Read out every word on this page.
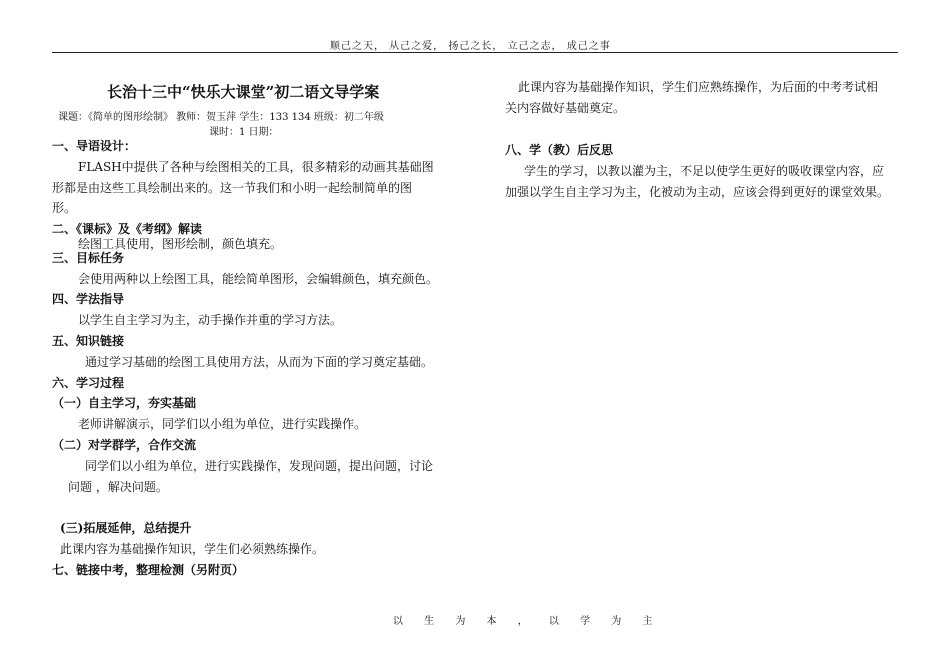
顺己之天， 从己之爱， 扬己之长， 立己之志， 成己之事
长治十三中“快乐大课堂”初二语文导学案
课题：《简单的图形绘制》 教师：贺玉萍 学生：133 134 班级：初二年级
课时：1 日期：
一、导语设计：
FLASH中提供了各种与绘图相关的工具，很多精彩的动画其基础图
形都是由这些工具绘制出来的。这一节我们和小明一起绘制简单的图
形。
二、《课标》及《考纲》解读
绘图工具使用，图形绘制，颜色填充。
三、目标任务
会使用两种以上绘图工具，能绘简单图形，会编辑颜色，填充颜色。
四、学法指导
以学生自主学习为主，动手操作并重的学习方法。
五、知识链接
通过学习基础的绘图工具使用方法，从而为下面的学习奠定基础。
六、学习过程
（一）自主学习，夯实基础
老师讲解演示，同学们以小组为单位，进行实践操作。
（二）对学群学，合作交流
同学们以小组为单位，进行实践操作，发现问题，提出问题，讨论
问题 ，解决问题。
(三)拓展延伸，总结提升
此课内容为基础操作知识，学生们必须熟练操作。
七、链接中考，整理检测（另附页）
此课内容为基础操作知识，学生们应熟练操作，为后面的中考考试相
关内容做好基础奠定。
八、学（教）后反思
学生的学习，以教以灌为主，不足以使学生更好的吸收课堂内容，应
加强以学生自主学习为主，化被动为主动，应该会得到更好的课堂效果。
以 生 为 本 ， 以 学 为 主
